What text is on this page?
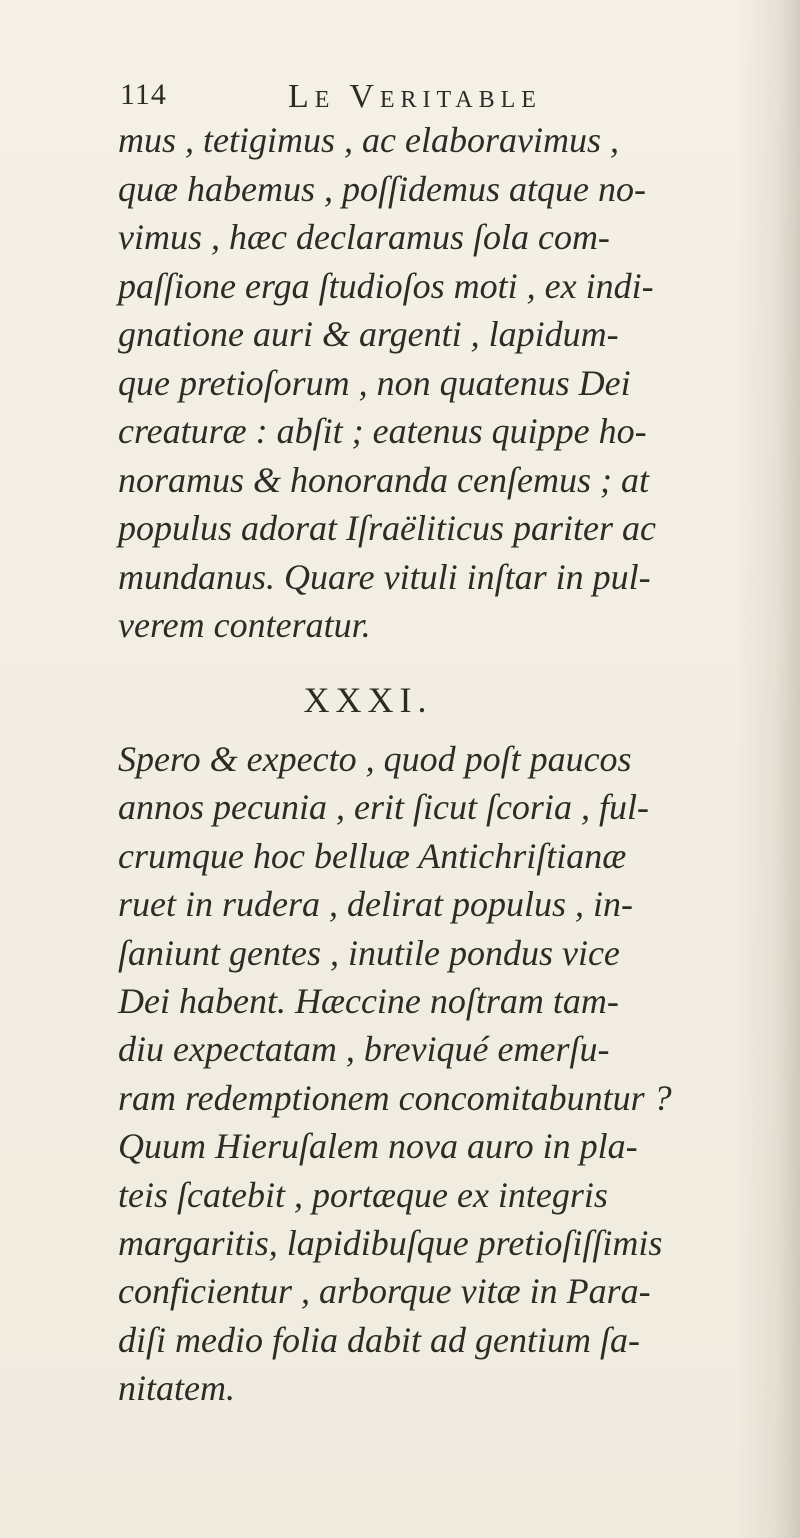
114	Le Veritable
mus , tetigimus , ac elaboravimus ,
quæ habemus , poſſidemus atque no-
vimus , hæc declaramus ſola com-
paſſione erga ſtudioſos moti , ex indi-
gnatione auri & argenti , lapidum-
que pretioſorum , non quatenus Dei
creaturæ : abſit ; eatenus quippe ho-
noramus & honoranda cenſemus ; at
populus adorat Iſraëliticus pariter ac
mundanus. Quare vituli inſtar in pul-
verem conteratur.
XXXI.
Spero & expecto , quod poſt paucos
annos pecunia , erit ſicut ſcoria , ful-
crumque hoc belluæ Antichriſtianæ
ruet in rudera , delirat populus , in-
ſaniunt gentes , inutile pondus vice
Dei habent. Hæccine noſtram tam-
diu expectatam , breviqué emerſu-
ram redemptionem concomitabuntur ?
Quum Hieruſalem nova auro in pla-
teis ſcatebit , portæque ex integris
margaritis, lapidibuſque pretioſiſſimis
conficientur , arborque vitæ in Para-
diſi medio folia dabit ad gentium ſa-
nitatem.
